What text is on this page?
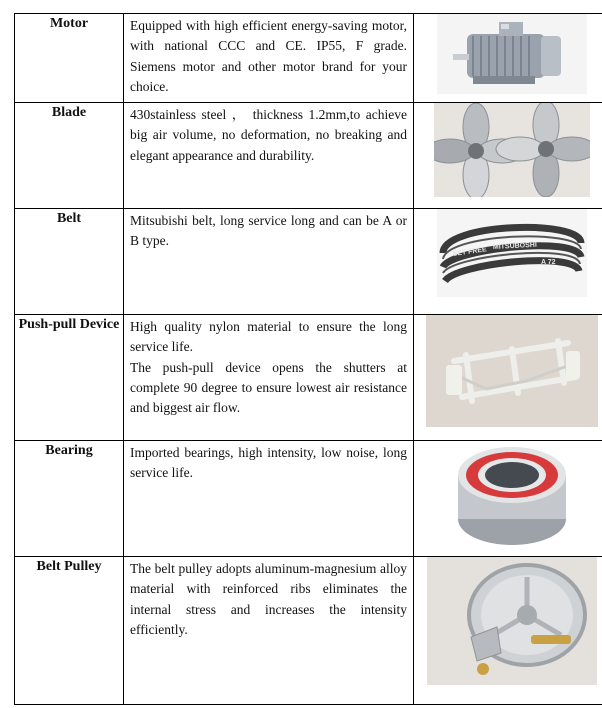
Motor	Equipped with high efficient energy-saving motor, with national CCC and CE. IP55, F grade. Siemens motor and other motor brand for your choice.

Blade	430stainless steel ， thickness 1.2mm,to achieve big air volume, no deformation, no breaking and elegant appearance and durability.

Belt	Mitsubishi belt, long service long and can be A or B type.	SET FREE MITSUBOSHI
A 72

Push-pull Device	High quality nylon material to ensure the long service life.

The push-pull device opens the shutters at complete 90 degree to ensure lowest air resistance and biggest air flow.

Bearing	Imported bearings, high intensity, low noise, long service life.

Belt Pulley	The belt pulley adopts aluminum-magnesium alloy material with reinforced ribs eliminates the internal stress and increases the intensity efficiently.
